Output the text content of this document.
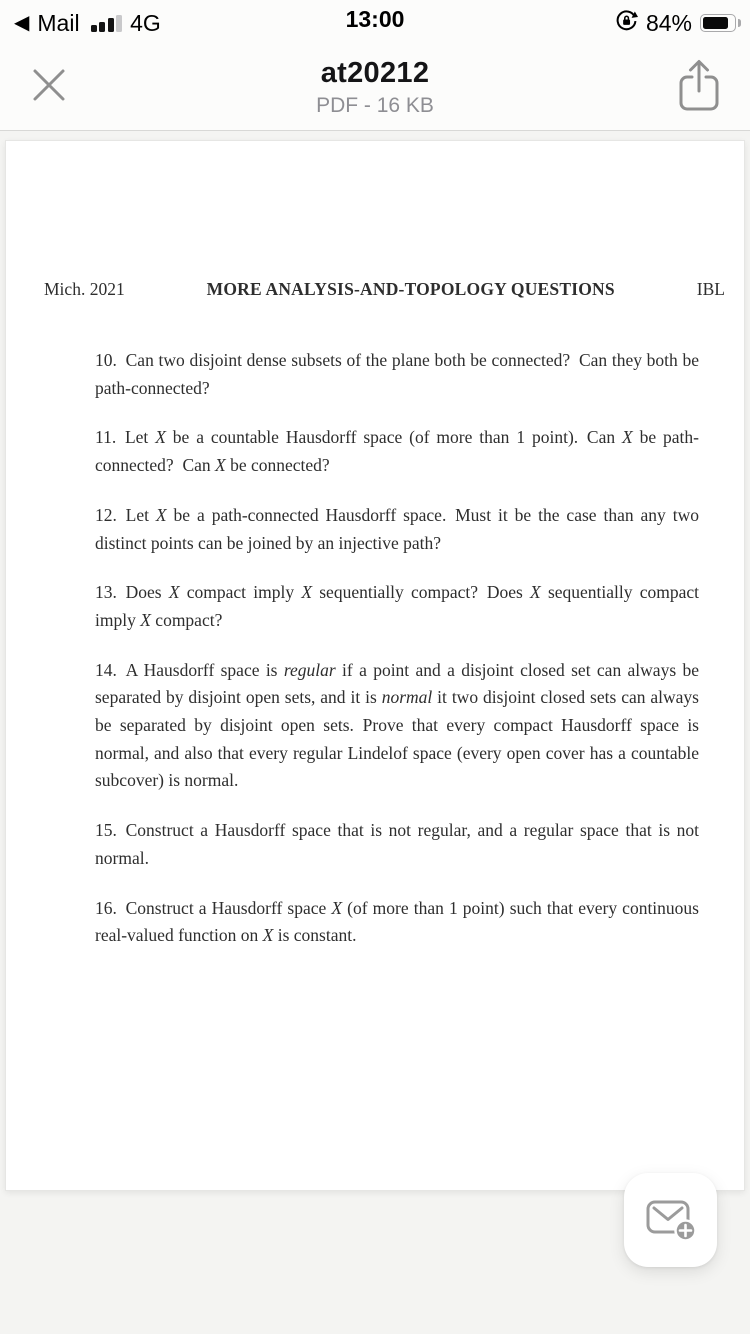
◀ Mail 4G	13:00	84%
at20212
PDF - 16 KB
Mich. 2021	MORE ANALYSIS-AND-TOPOLOGY QUESTIONS	IBL

10. Can two disjoint dense subsets of the plane both be connected? Can they both be path-connected?

11. Let X be a countable Hausdorff space (of more than 1 point). Can X be path-connected? Can X be connected?

12. Let X be a path-connected Hausdorff space. Must it be the case than any two distinct points can be joined by an injective path?

13. Does X compact imply X sequentially compact? Does X sequentially compact imply X compact?

14. A Hausdorff space is regular if a point and a disjoint closed set can always be separated by disjoint open sets, and it is normal it two disjoint closed sets can always be separated by disjoint open sets. Prove that every compact Hausdorff space is normal, and also that every regular Lindelof space (every open cover has a countable subcover) is normal.

15. Construct a Hausdorff space that is not regular, and a regular space that is not normal.

16. Construct a Hausdorff space X (of more than 1 point) such that every continuous real-valued function on X is constant.
